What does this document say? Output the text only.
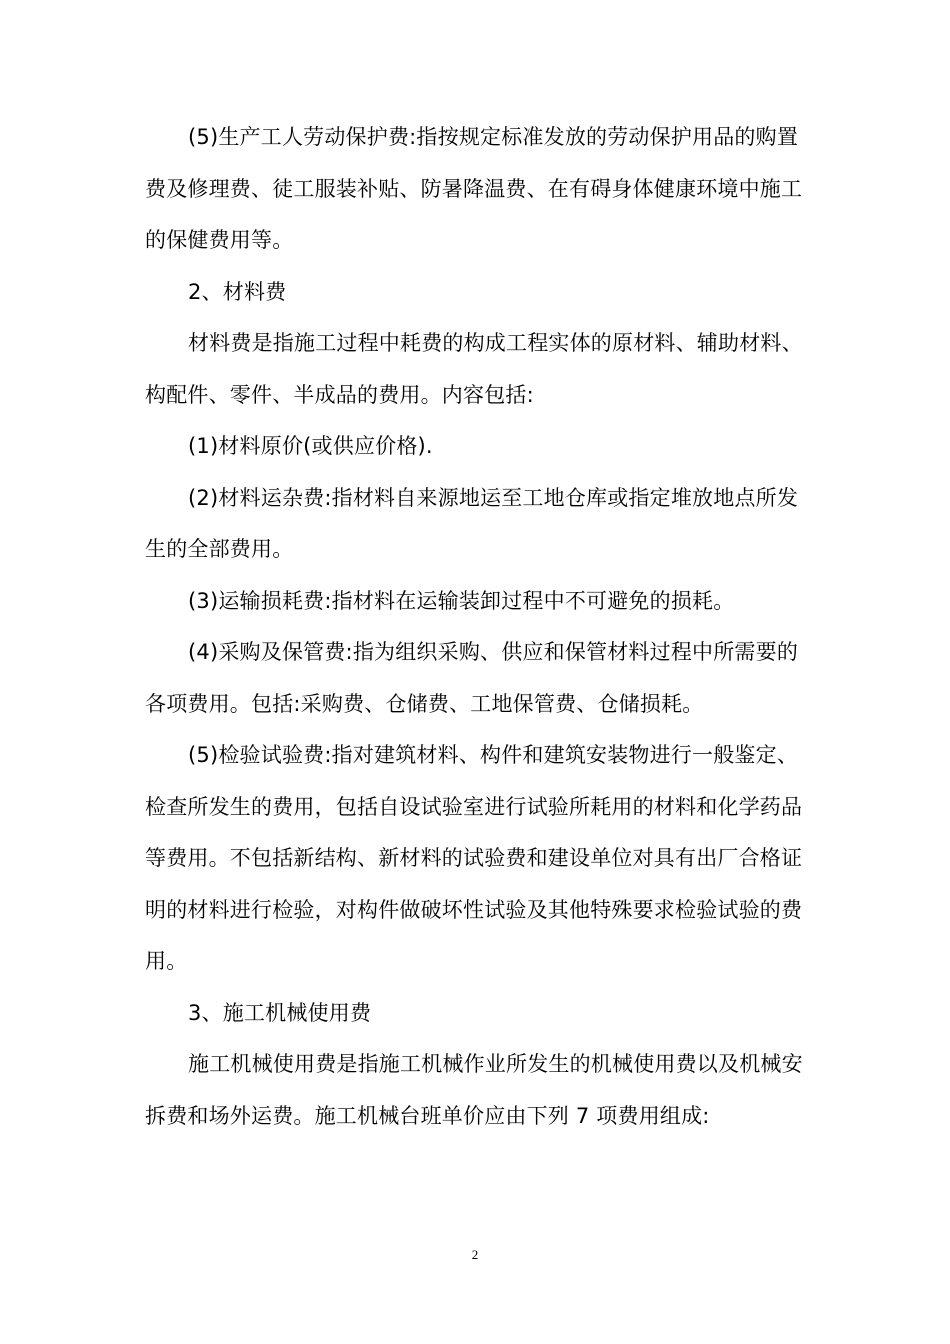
(5)生产工人劳动保护费:指按规定标准发放的劳动保护用品的购置费及修理费、徒工服装补贴、防暑降温费、在有碍身体健康环境中施工的保健费用等。

2、材料费

材料费是指施工过程中耗费的构成工程实体的原材料、辅助材料、构配件、零件、半成品的费用。内容包括:

(1)材料原价(或供应价格).

(2)材料运杂费:指材料自来源地运至工地仓库或指定堆放地点所发生的全部费用。

(3)运输损耗费:指材料在运输装卸过程中不可避免的损耗。

(4)采购及保管费:指为组织采购、供应和保管材料过程中所需要的各项费用。包括:采购费、仓储费、工地保管费、仓储损耗。

(5)检验试验费:指对建筑材料、构件和建筑安装物进行一般鉴定、检查所发生的费用，包括自设试验室进行试验所耗用的材料和化学药品等费用。不包括新结构、新材料的试验费和建设单位对具有出厂合格证明的材料进行检验，对构件做破坏性试验及其他特殊要求检验试验的费用。

3、施工机械使用费

施工机械使用费是指施工机械作业所发生的机械使用费以及机械安拆费和场外运费。施工机械台班单价应由下列 7 项费用组成:

2
